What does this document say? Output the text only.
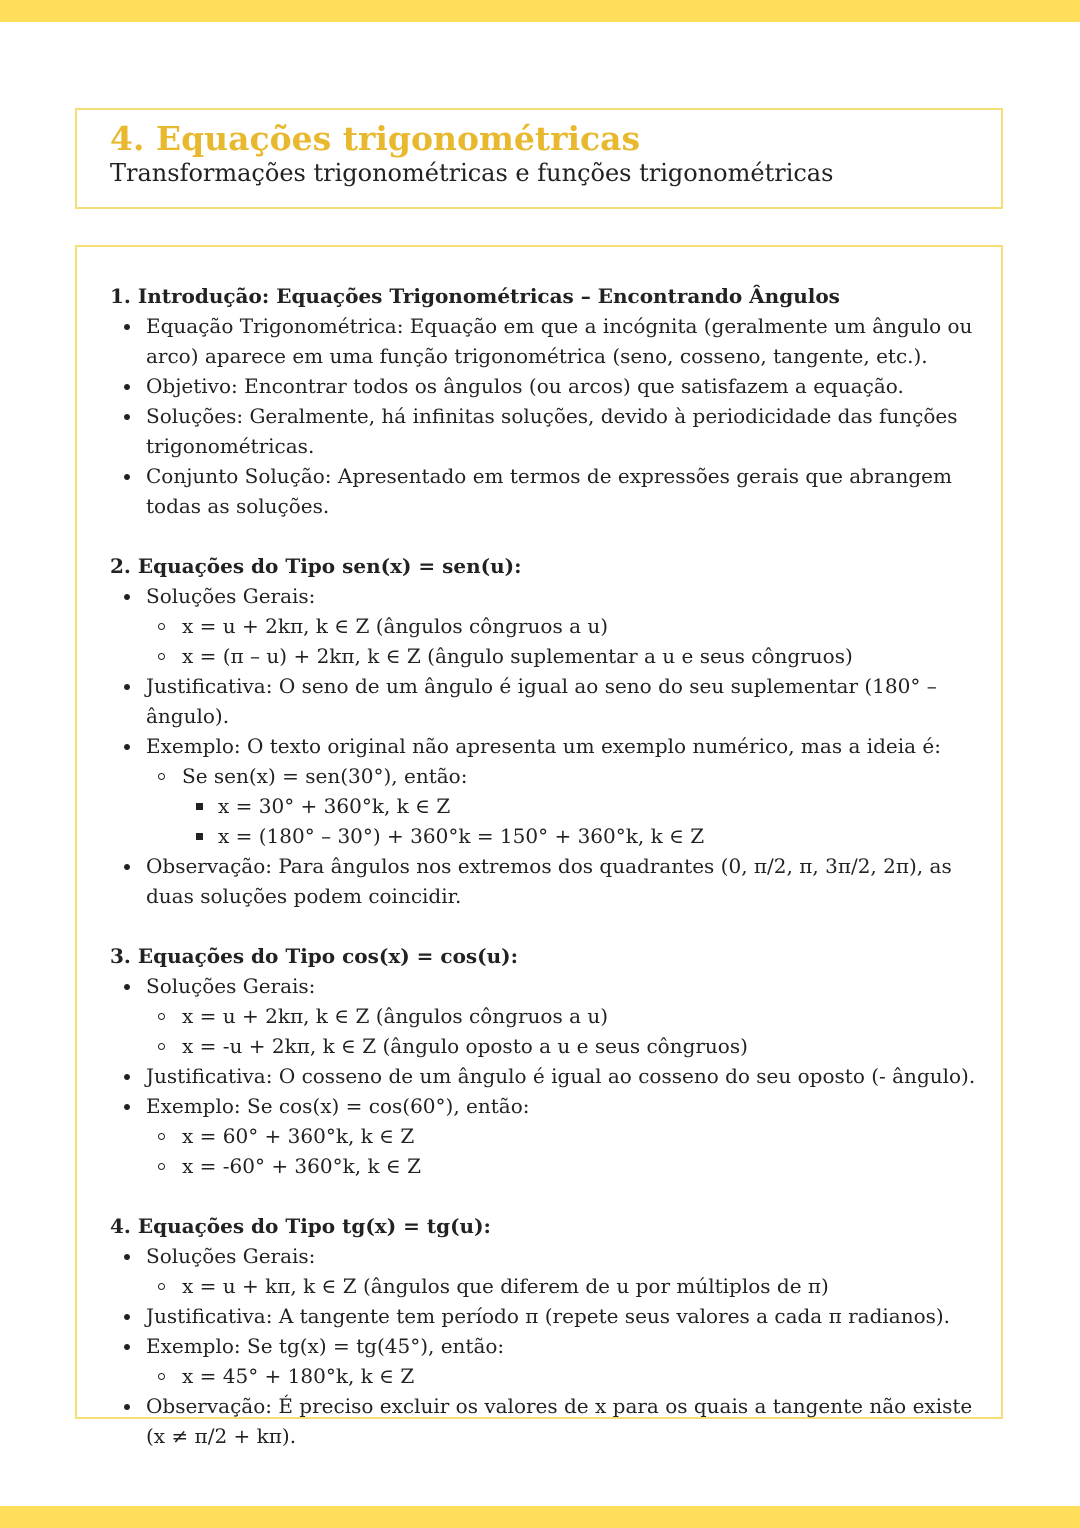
4. Equações trigonométricas

Transformações trigonométricas e funções trigonométricas

1. Introdução: Equações Trigonométricas – Encontrando Ângulos
Equação Trigonométrica: Equação em que a incógnita (geralmente um ângulo ou arco) aparece em uma função trigonométrica (seno, cosseno, tangente, etc.).
Objetivo: Encontrar todos os ângulos (ou arcos) que satisfazem a equação.
Soluções: Geralmente, há infinitas soluções, devido à periodicidade das funções trigonométricas.
Conjunto Solução: Apresentado em termos de expressões gerais que abrangem todas as soluções.
2. Equações do Tipo sen(x) = sen(u):
Soluções Gerais:
x = u + 2kπ, k ∈ Z (ângulos côngruos a u)
x = (π – u) + 2kπ, k ∈ Z (ângulo suplementar a u e seus côngruos)
Justificativa: O seno de um ângulo é igual ao seno do seu suplementar (180° – ângulo).
Exemplo: O texto original não apresenta um exemplo numérico, mas a ideia é:
Se sen(x) = sen(30°), então:
x = 30° + 360°k, k ∈ Z
x = (180° – 30°) + 360°k = 150° + 360°k, k ∈ Z
Observação: Para ângulos nos extremos dos quadrantes (0, π/2, π, 3π/2, 2π), as duas soluções podem coincidir.
3. Equações do Tipo cos(x) = cos(u):
Soluções Gerais:
x = u + 2kπ, k ∈ Z (ângulos côngruos a u)
x = -u + 2kπ, k ∈ Z (ângulo oposto a u e seus côngruos)
Justificativa: O cosseno de um ângulo é igual ao cosseno do seu oposto (- ângulo).
Exemplo: Se cos(x) = cos(60°), então:
x = 60° + 360°k, k ∈ Z
x = -60° + 360°k, k ∈ Z
4. Equações do Tipo tg(x) = tg(u):
Soluções Gerais:
x = u + kπ, k ∈ Z (ângulos que diferem de u por múltiplos de π)
Justificativa: A tangente tem período π (repete seus valores a cada π radianos).
Exemplo: Se tg(x) = tg(45°), então:
x = 45° + 180°k, k ∈ Z
Observação: É preciso excluir os valores de x para os quais a tangente não existe (x ≠ π/2 + kπ).
